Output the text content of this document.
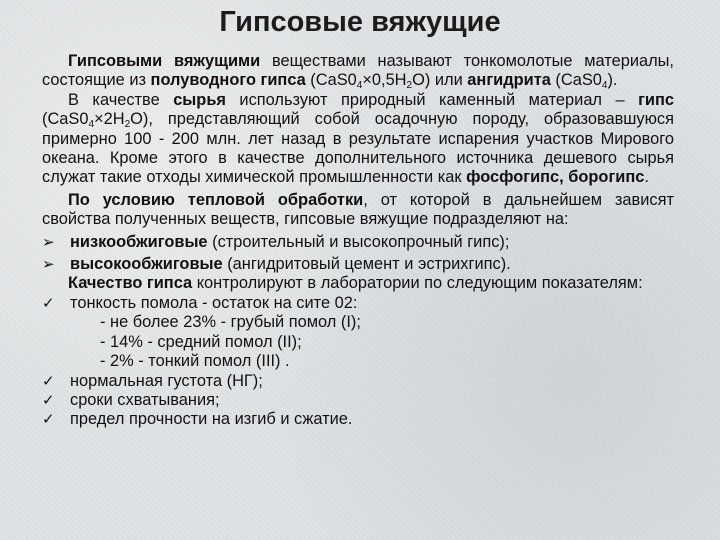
Гипсовые вяжущие
Гипсовыми вяжущими веществами называют тонкомолотые материалы, состоящие из полуводного гипса $(CaS0_4\times 0,5H_2O)$ или ангидрита $(CaS0_4)$.
В качестве сырья используют природный каменный материал – гипс $(CaS0_4\times 2H_2O)$, представляющий собой осадочную породу, образовавшуюся примерно 100 - 200 млн. лет назад в результате испарения участков Мирового океана. Кроме этого в качестве дополнительного источника дешевого сырья служат такие отходы химической промышленности как фосфогипс, борогипс.
По условию тепловой обработки, от которой в дальнейшем зависят свойства полученных веществ, гипсовые вяжущие подразделяют на:
➢ низкообжиговые (строительный и высокопрочный гипс);
➢ высокообжиговые (ангидритовый цемент и эстрихгипс).
Качество гипса контролируют в лаборатории по следующим показателям:
✓ тонкость помола - остаток на сите 02:
- не более 23% - грубый помол (I);
- 14% - средний помол (II);
- 2% - тонкий помол (III) .
✓ нормальная густота (НГ);
✓ сроки схватывания;
✓ предел прочности на изгиб и сжатие.
